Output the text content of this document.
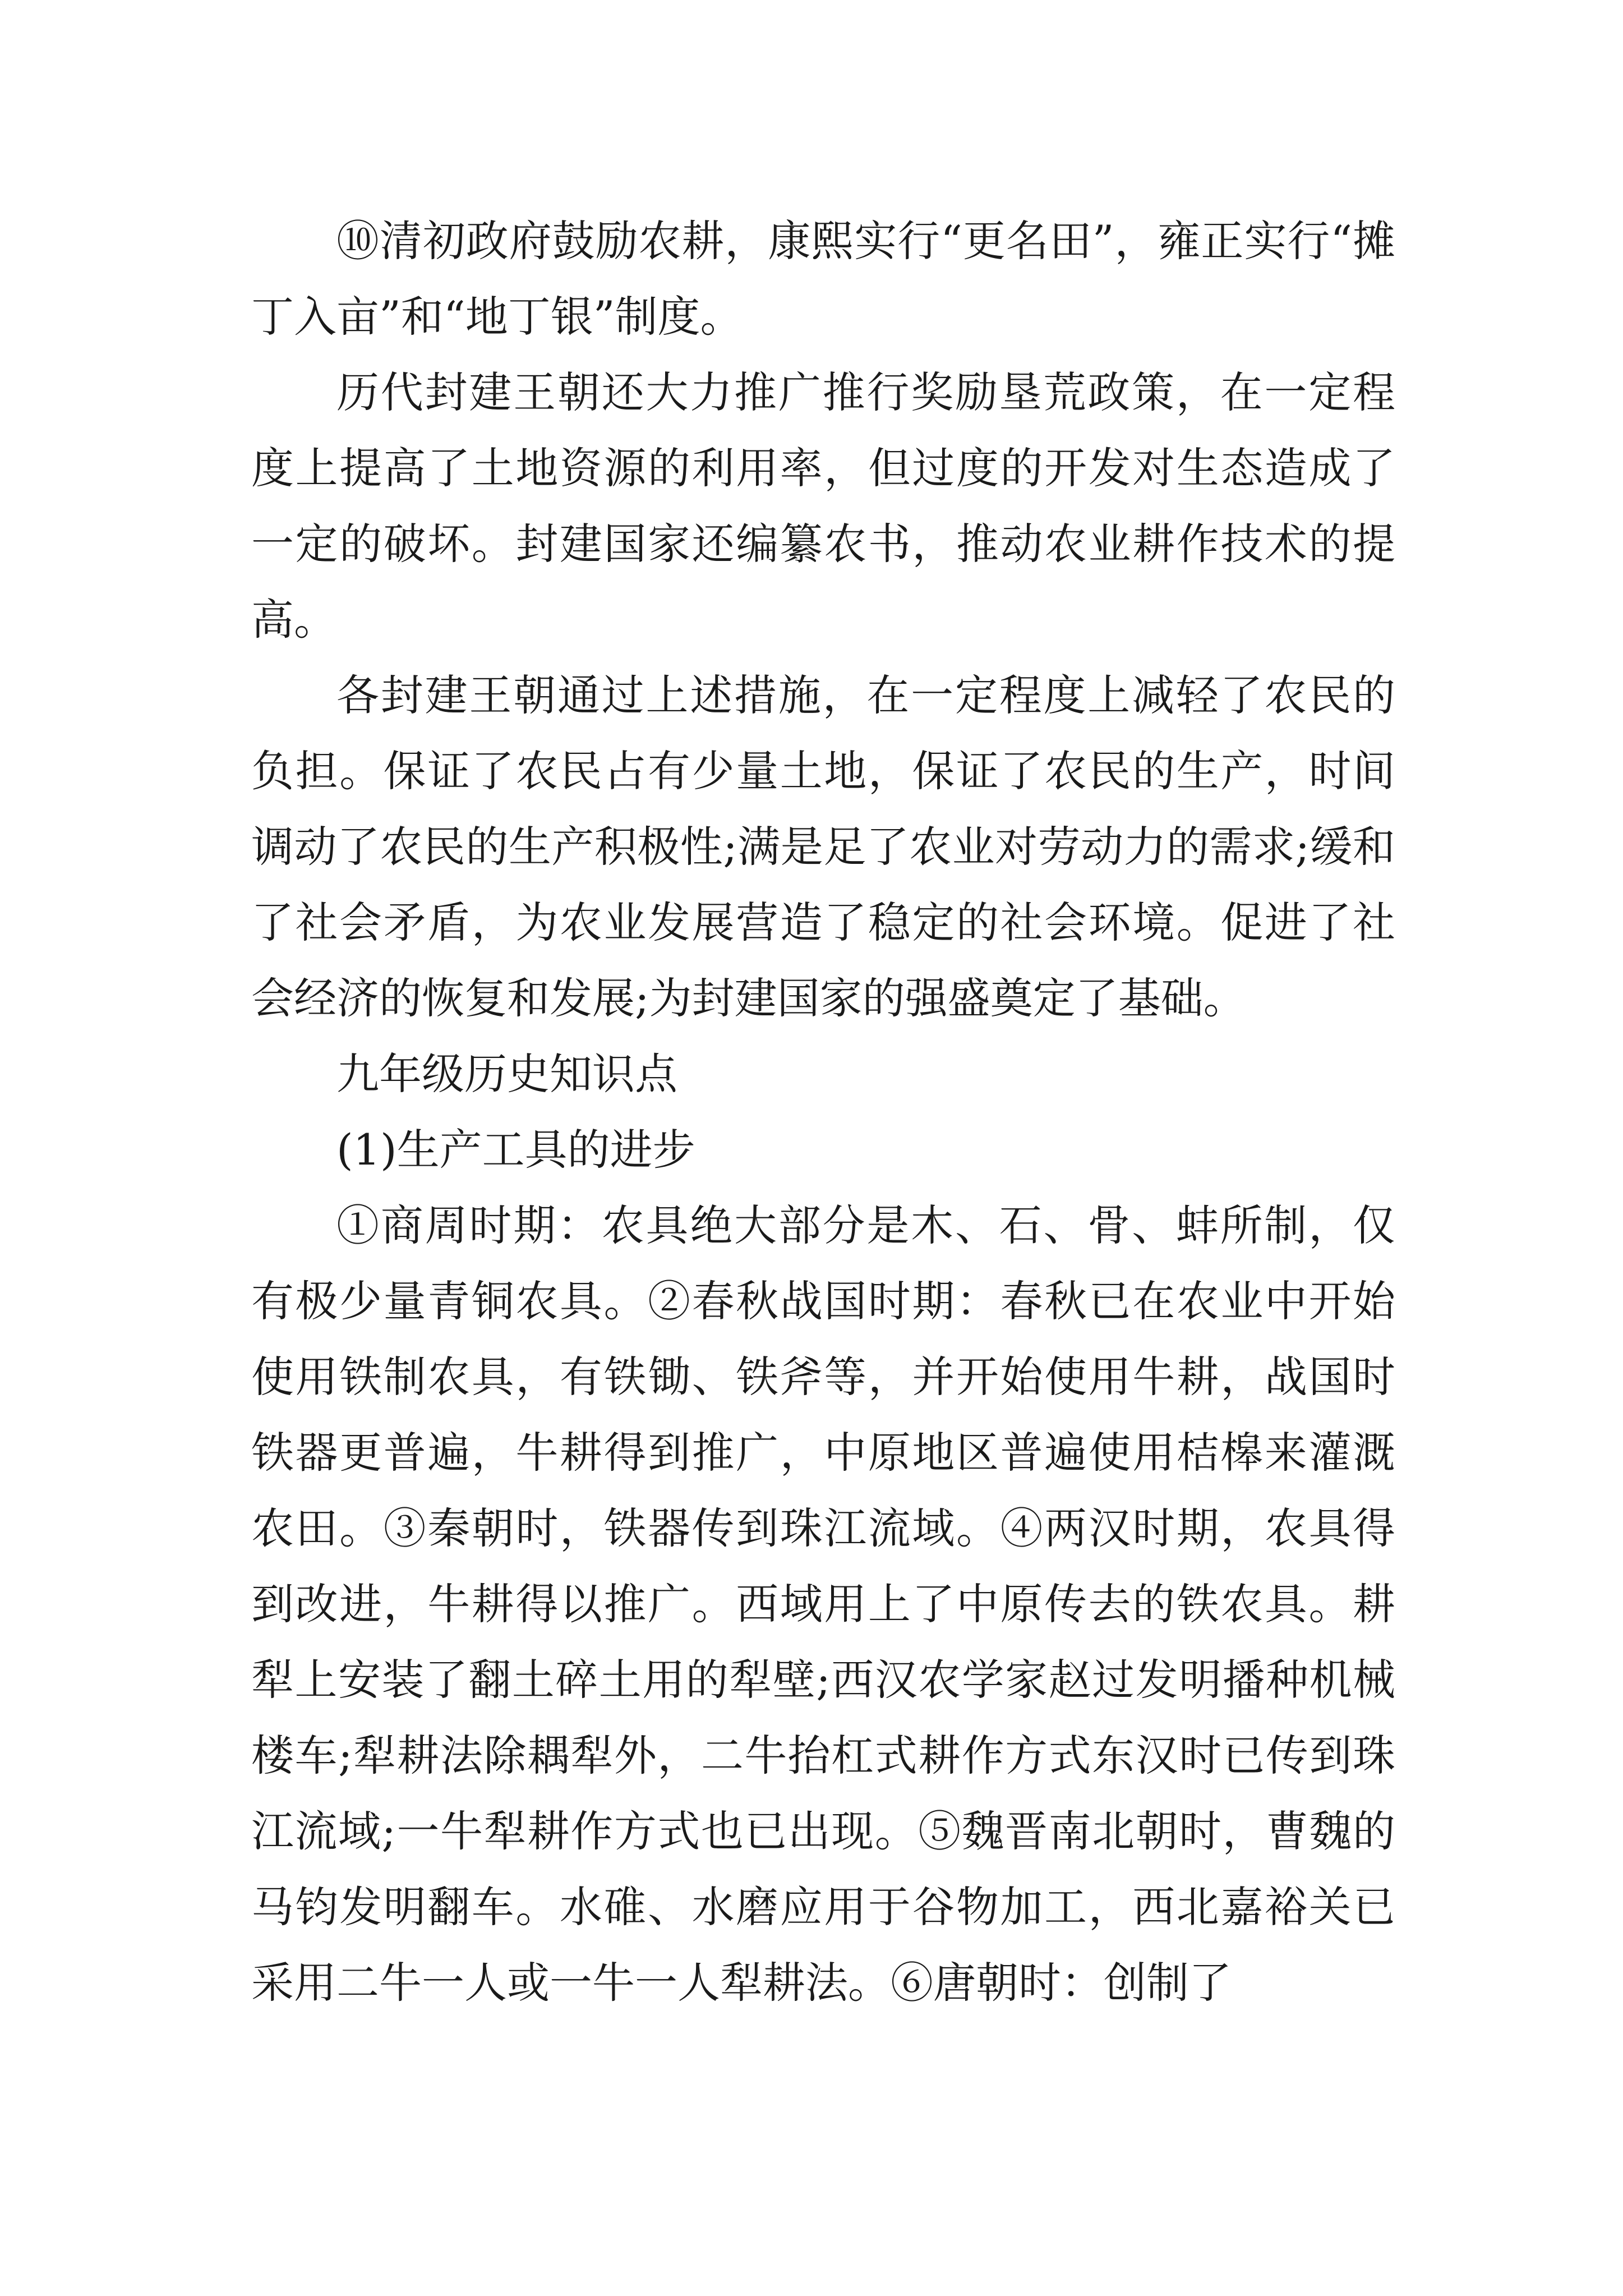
⑩清初政府鼓励农耕，康熙实行“更名田”，雍正实行“摊丁入亩”和“地丁银”制度。

历代封建王朝还大力推广推行奖励垦荒政策，在一定程度上提高了土地资源的利用率，但过度的开发对生态造成了一定的破坏。封建国家还编纂农书，推动农业耕作技术的提高。

各封建王朝通过上述措施，在一定程度上减轻了农民的负担。保证了农民占有少量土地，保证了农民的生产，时间调动了农民的生产积极性;满是足了农业对劳动力的需求;缓和了社会矛盾，为农业发展营造了稳定的社会环境。促进了社会经济的恢复和发展;为封建国家的强盛奠定了基础。

九年级历史知识点

(1)生产工具的进步

①商周时期：农具绝大部分是木、石、骨、蚌所制，仅有极少量青铜农具。②春秋战国时期：春秋已在农业中开始使用铁制农具，有铁锄、铁斧等，并开始使用牛耕，战国时铁器更普遍，牛耕得到推广，中原地区普遍使用桔槔来灌溉农田。③秦朝时，铁器传到珠江流域。④两汉时期，农具得到改进，牛耕得以推广。西域用上了中原传去的铁农具。耕犁上安装了翻土碎土用的犁壁;西汉农学家赵过发明播种机械楼车;犁耕法除耦犁外，二牛抬杠式耕作方式东汉时已传到珠江流域;一牛犁耕作方式也已出现。⑤魏晋南北朝时，曹魏的马钧发明翻车。水碓、水磨应用于谷物加工，西北嘉裕关已采用二牛一人或一牛一人犁耕法。⑥唐朝时：创制了
